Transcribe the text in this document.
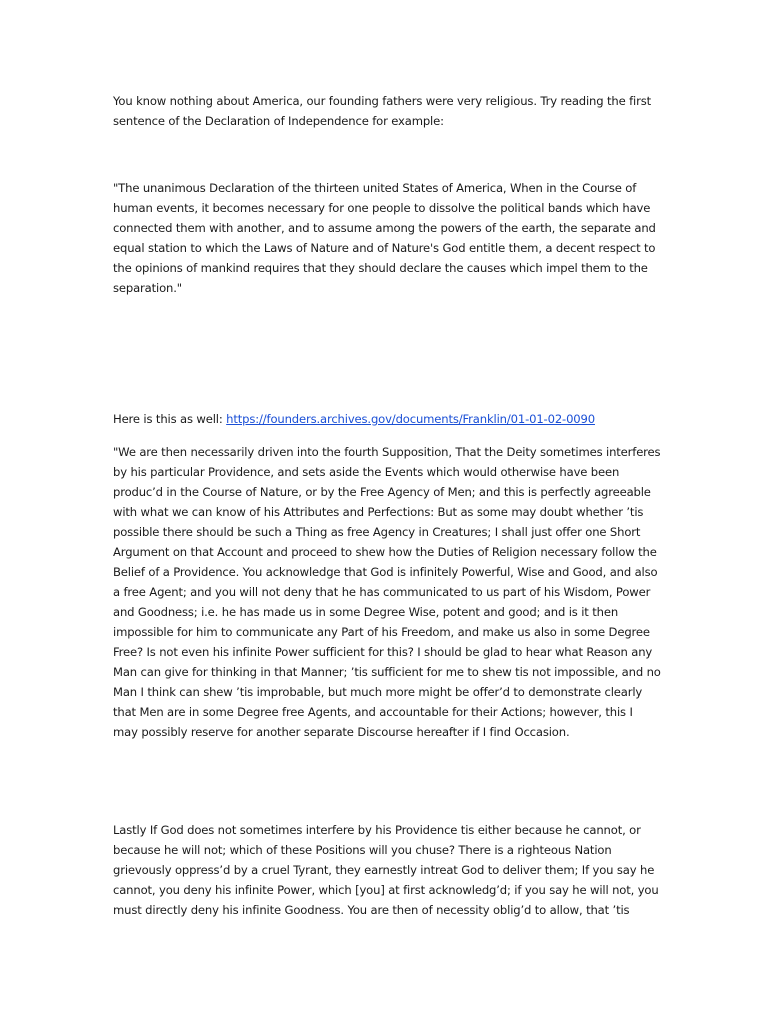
You know nothing about America, our founding fathers were very religious. Try reading the first sentence of the Declaration of Independence for example:

"The unanimous Declaration of the thirteen united States of America, When in the Course of human events, it becomes necessary for one people to dissolve the political bands which have connected them with another, and to assume among the powers of the earth, the separate and equal station to which the Laws of Nature and of Nature's God entitle them, a decent respect to the opinions of mankind requires that they should declare the causes which impel them to the separation."

Here is this as well: https://founders.archives.gov/documents/Franklin/01-01-02-0090

"We are then necessarily driven into the fourth Supposition, That the Deity sometimes interferes by his particular Providence, and sets aside the Events which would otherwise have been produc’d in the Course of Nature, or by the Free Agency of Men; and this is perfectly agreeable with what we can know of his Attributes and Perfections: But as some may doubt whether ’tis possible there should be such a Thing as free Agency in Creatures; I shall just offer one Short Argument on that Account and proceed to shew how the Duties of Religion necessary follow the Belief of a Providence. You acknowledge that God is infinitely Powerful, Wise and Good, and also a free Agent; and you will not deny that he has communicated to us part of his Wisdom, Power and Goodness; i.e. he has made us in some Degree Wise, potent and good; and is it then impossible for him to communicate any Part of his Freedom, and make us also in some Degree Free? Is not even his infinite Power sufficient for this? I should be glad to hear what Reason any Man can give for thinking in that Manner; ’tis sufficient for me to shew tis not impossible, and no Man I think can shew ’tis improbable, but much more might be offer’d to demonstrate clearly that Men are in some Degree free Agents, and accountable for their Actions; however, this I may possibly reserve for another separate Discourse hereafter if I find Occasion.

Lastly If God does not sometimes interfere by his Providence tis either because he cannot, or because he will not; which of these Positions will you chuse? There is a righteous Nation grievously oppress’d by a cruel Tyrant, they earnestly intreat God to deliver them; If you say he cannot, you deny his infinite Power, which [you] at first acknowledg’d; if you say he will not, you must directly deny his infinite Goodness. You are then of necessity oblig’d to allow, that ’tis
